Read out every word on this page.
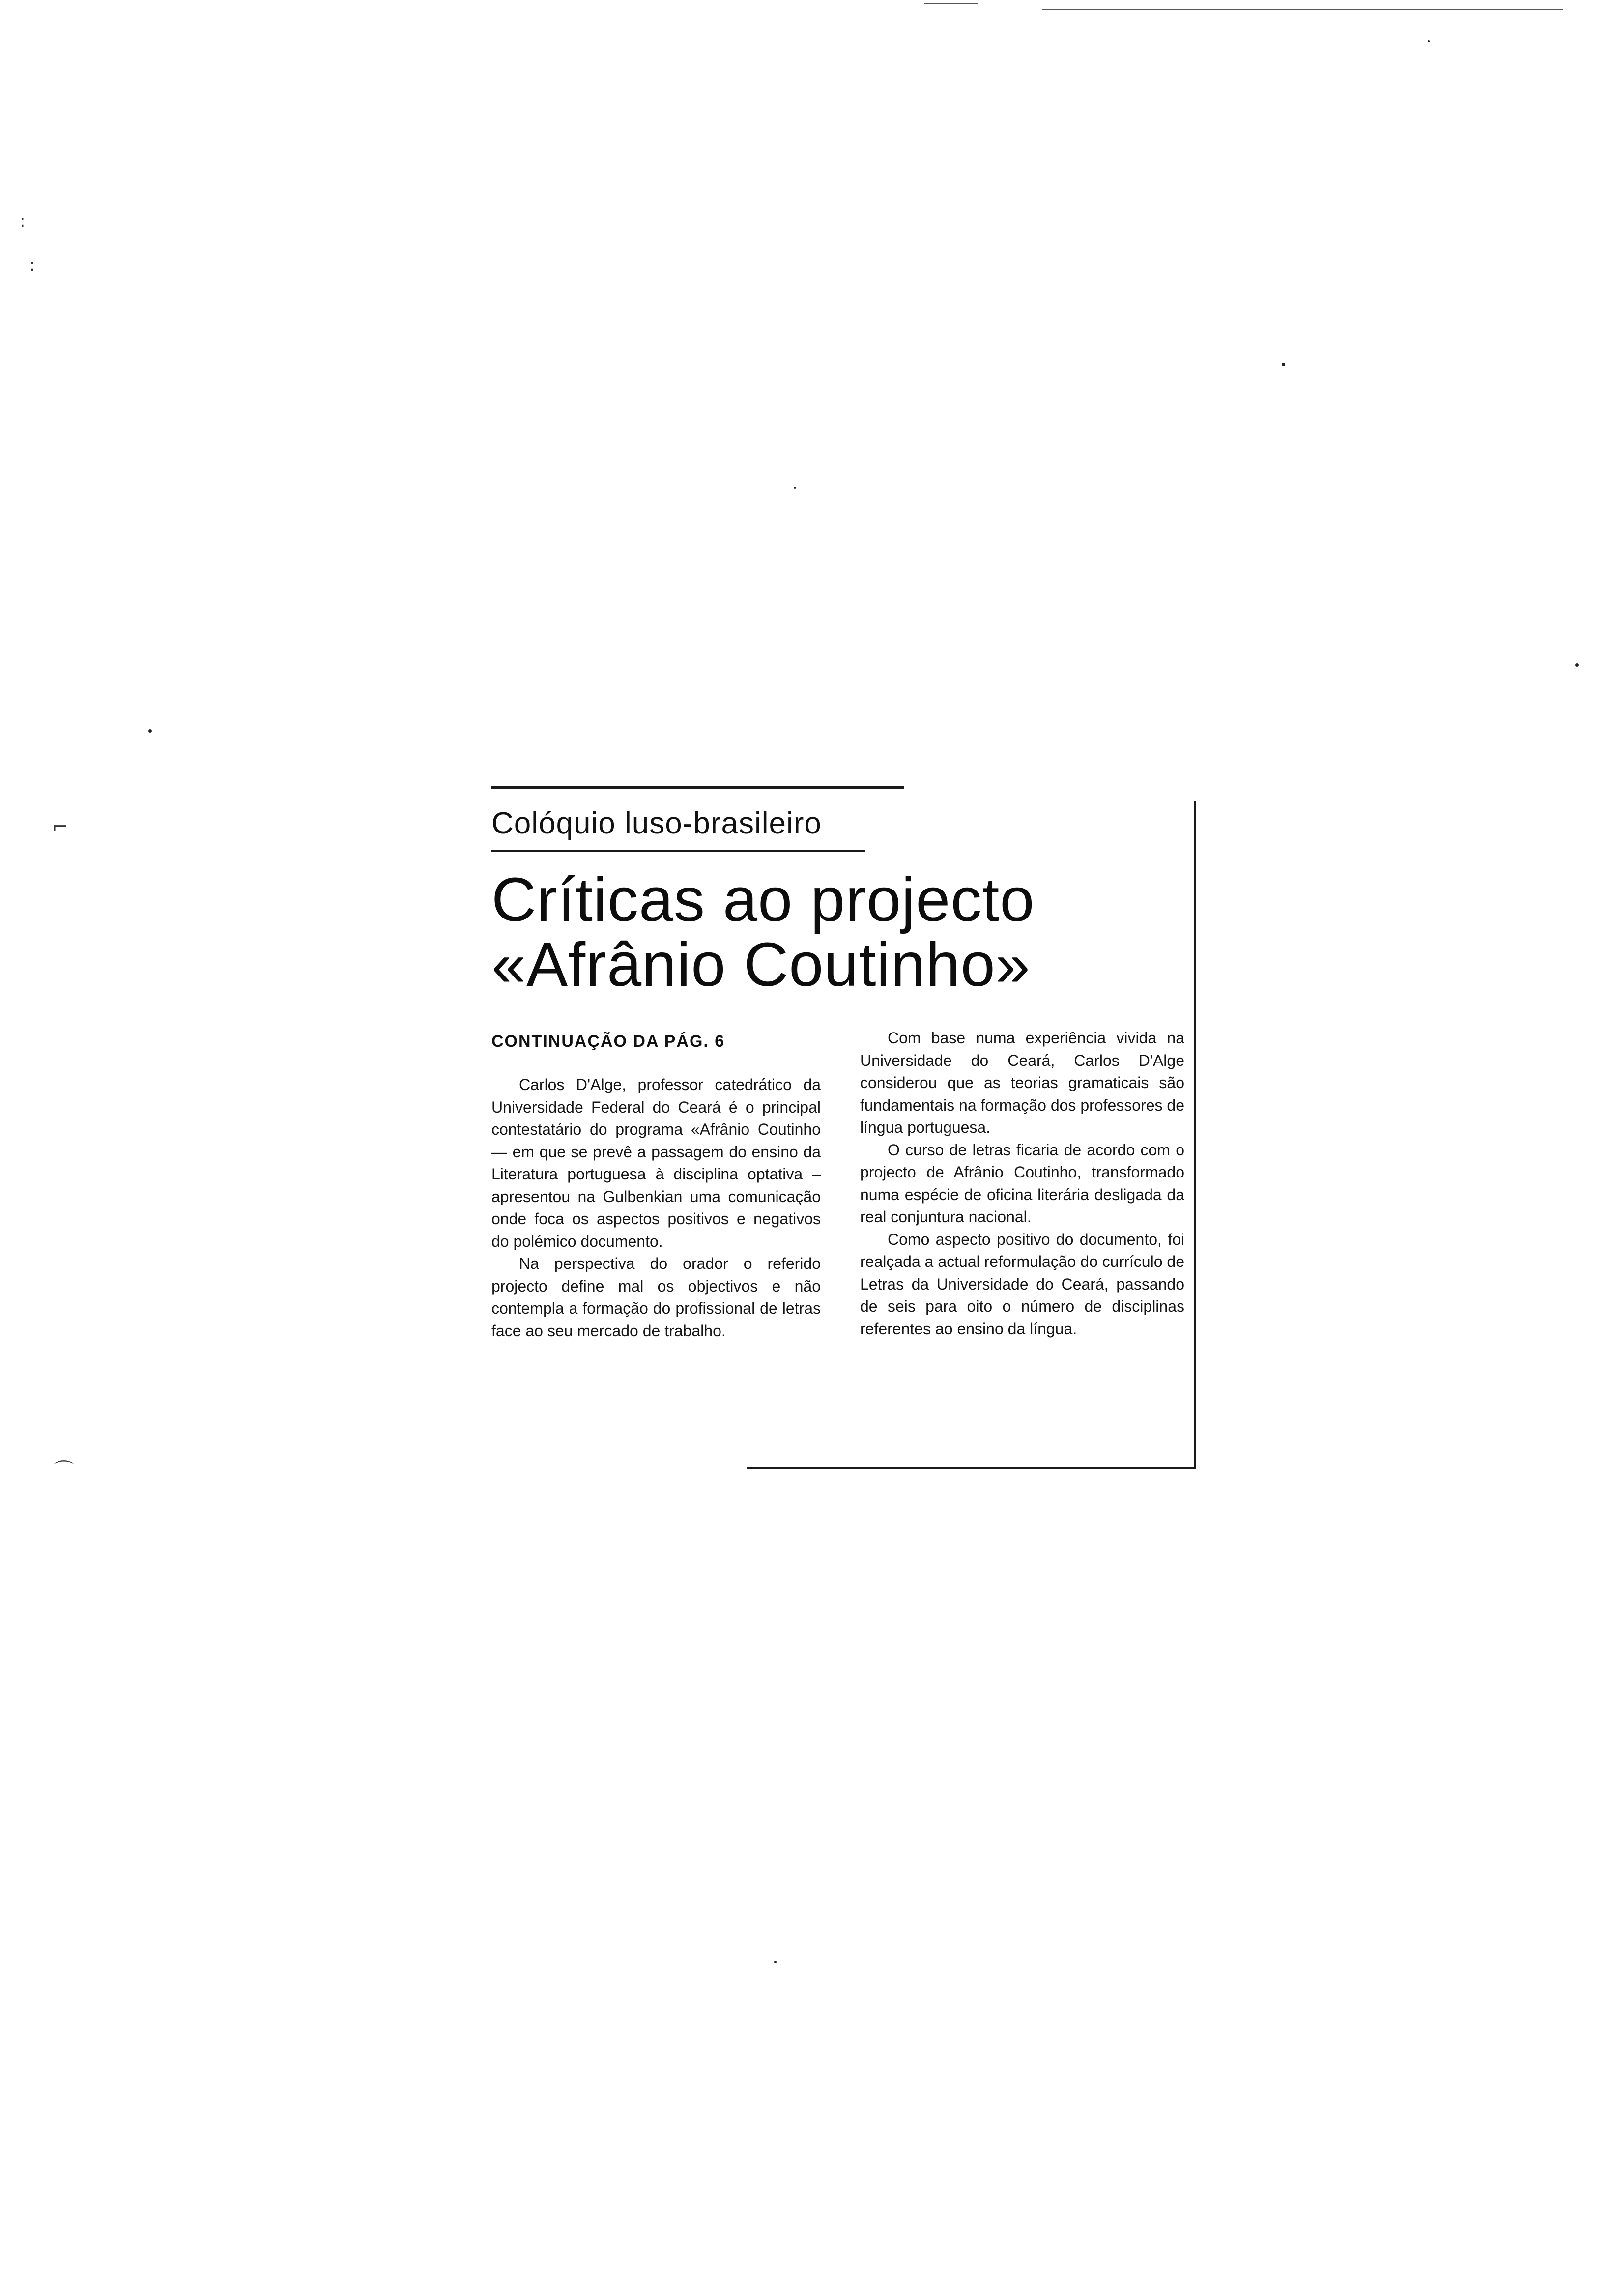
:
:
⌐
⌒
Colóquio luso-brasileiro
Críticas ao projecto
«Afrânio Coutinho»
CONTINUAÇÃO DA PÁG. 6

Carlos D'Alge, professor catedrático da Universidade Federal do Ceará é o principal contestatário do programa «Afrânio Coutinho — em que se prevê a passagem do ensino da Literatura portuguesa à disciplina optativa – apresentou na Gulbenkian uma comunicação onde foca os aspectos positivos e negativos do polémico documento.

Na perspectiva do orador o referido projecto define mal os objectivos e não contempla a formação do profissional de letras face ao seu mercado de trabalho.

Com base numa experiência vivida na Universidade do Ceará, Carlos D'Alge considerou que as teorias gramaticais são fundamentais na formação dos professores de língua portuguesa.

O curso de letras ficaria de acordo com o projecto de Afrânio Coutinho, transformado numa espécie de oficina literária desligada da real conjuntura nacional.

Como aspecto positivo do documento, foi realçada a actual reformulação do currículo de Letras da Universidade do Ceará, passando de seis para oito o número de disciplinas referentes ao ensino da língua.
